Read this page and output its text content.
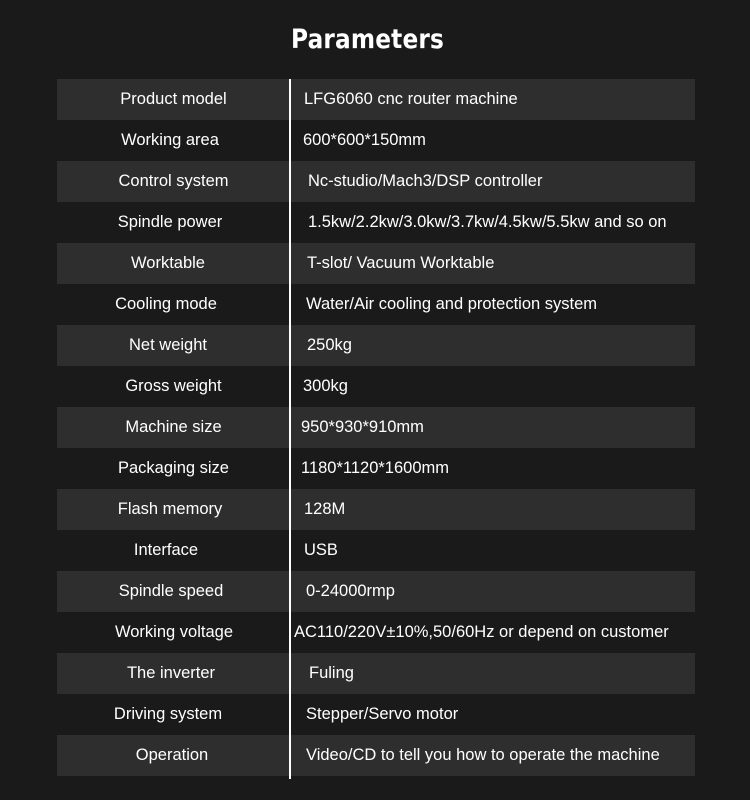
Parameters
Product model	LFG6060 cnc router machine
Working area	600*600*150mm
Control system	Nc-studio/Mach3/DSP controller
Spindle power	1.5kw/2.2kw/3.0kw/3.7kw/4.5kw/5.5kw and so on
Worktable	T-slot/ Vacuum Worktable
Cooling mode	Water/Air cooling and protection system
Net weight	250kg
Gross weight	300kg
Machine size	950*930*910mm
Packaging size	1180*1120*1600mm
Flash memory	128M
Interface	USB
Spindle speed	0-24000rmp
Working voltage	AC110/220V±10%,50/60Hz or depend on customer
The inverter	Fuling
Driving system	Stepper/Servo motor
Operation	Video/CD to tell you how to operate the machine
